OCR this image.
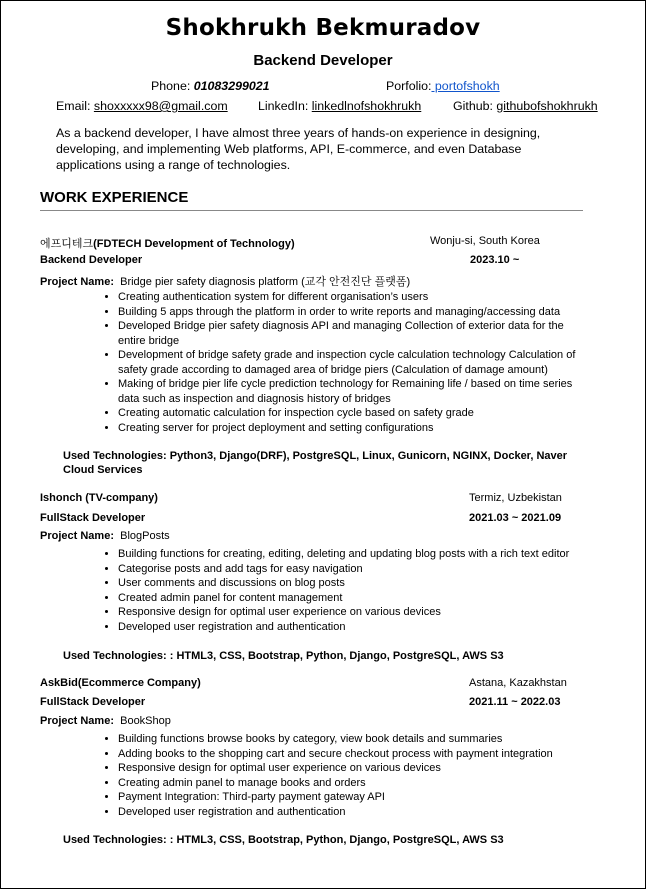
Shokhrukh Bekmuradov
Backend Developer
Phone: 01083299021	Porfolio: portofshokh
Email: shoxxxxx98@gmail.com LinkedIn: linkedlnofshokhrukh	Github: githubofshokhrukh
As a backend developer, I have almost three years of hands-on experience in designing, developing, and implementing Web platforms, API, E-commerce, and even Database applications using a range of technologies.
WORK EXPERIENCE
에프디테크(FDTECH Development of Technology)	Wonju-si, South Korea
Backend Developer	2023.10 ~
Project Name: Bridge pier safety diagnosis platform (교각 안전진단 플랫폼)
• Creating authentication system for different organisation’s users
• Building 5 apps through the platform in order to write reports and managing/accessing data
• Developed Bridge pier safety diagnosis API and managing Collection of exterior data for the entire bridge
• Development of bridge safety grade and inspection cycle calculation technology Calculation of safety grade according to damaged area of bridge piers (Calculation of damage amount)
• Making of bridge pier life cycle prediction technology for Remaining life / based on time series data such as inspection and diagnosis history of bridges
• Creating automatic calculation for inspection cycle based on safety grade
• Creating server for project deployment and setting configurations
Used Technologies: Python3, Django(DRF), PostgreSQL, Linux, Gunicorn, NGINX, Docker, Naver Cloud Services
Ishonch (TV-company)	Termiz, Uzbekistan
FullStack Developer	2021.03 ~ 2021.09
Project Name: BlogPosts
• Building functions for creating, editing, deleting and updating blog posts with a rich text editor
• Categorise posts and add tags for easy navigation
• User comments and discussions on blog posts
• Created admin panel for content management
• Responsive design for optimal user experience on various devices
• Developed user registration and authentication
Used Technologies: : HTML3, CSS, Bootstrap, Python, Django, PostgreSQL, AWS S3
AskBid(Ecommerce Company)	Astana, Kazakhstan
FullStack Developer	2021.11 ~ 2022.03
Project Name: BookShop
• Building functions browse books by category, view book details and summaries
• Adding books to the shopping cart and secure checkout process with payment integration
• Responsive design for optimal user experience on various devices
• Creating admin panel to manage books and orders
• Payment Integration: Third-party payment gateway API
• Developed user registration and authentication
Used Technologies: : HTML3, CSS, Bootstrap, Python, Django, PostgreSQL, AWS S3
